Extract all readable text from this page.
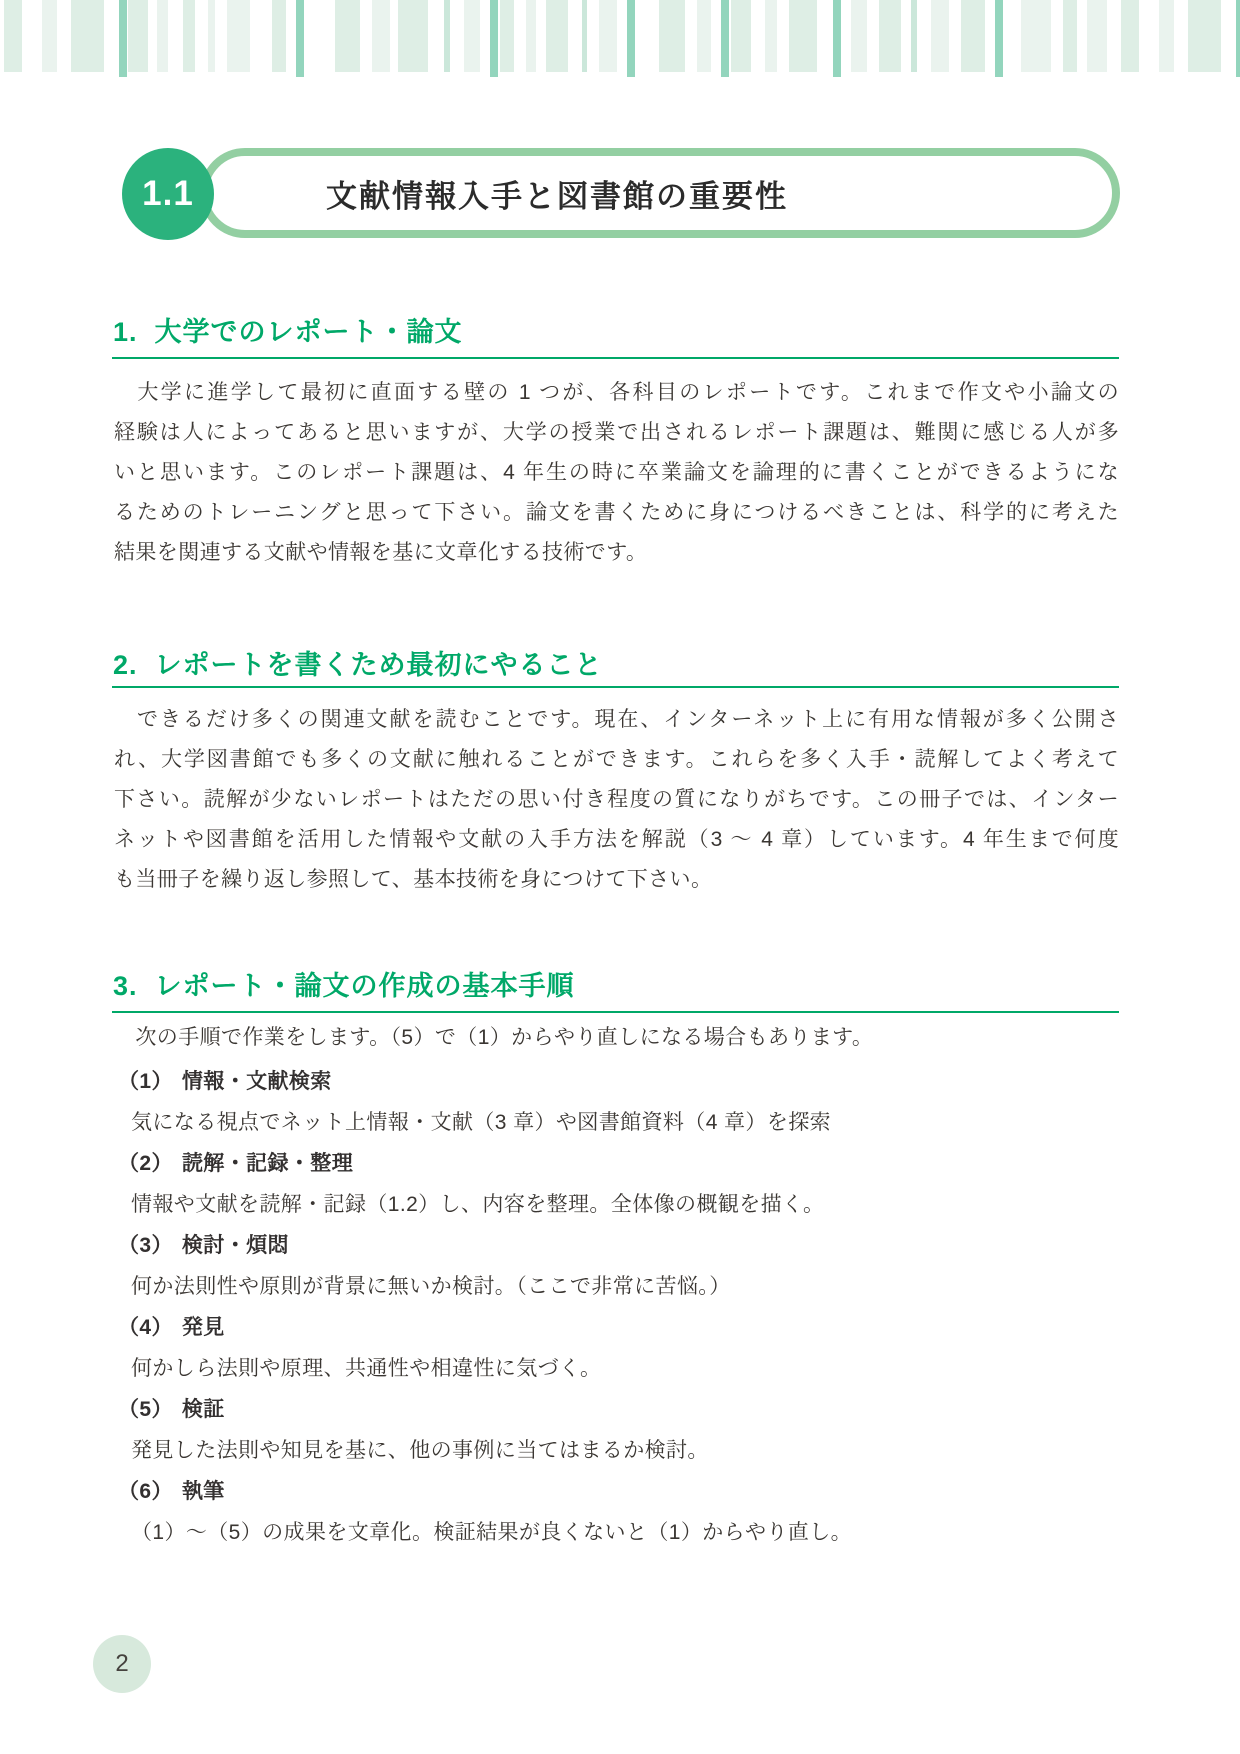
文献情報入手と図書館の重要性
1.1
1. 大学でのレポート・論文
　大学に進学して最初に直面する壁の 1 つが、各科目のレポートです。これまで作文や小論文の
経験は人によってあると思いますが、大学の授業で出されるレポート課題は、難関に感じる人が多
いと思います。このレポート課題は、4 年生の時に卒業論文を論理的に書くことができるようにな
るためのトレーニングと思って下さい。論文を書くために身につけるべきことは、科学的に考えた
結果を関連する文献や情報を基に文章化する技術です。
2. レポートを書くため最初にやること
　できるだけ多くの関連文献を読むことです。現在、インターネット上に有用な情報が多く公開さ
れ、大学図書館でも多くの文献に触れることができます。これらを多く入手・読解してよく考えて
下さい。読解が少ないレポートはただの思い付き程度の質になりがちです。この冊子では、インター
ネットや図書館を活用した情報や文献の入手方法を解説（3 ～ 4 章）しています。4 年生まで何度
も当冊子を繰り返し参照して、基本技術を身につけて下さい。
3. レポート・論文の作成の基本手順
　次の手順で作業をします。（5）で（1）からやり直しになる場合もあります。
（1） 情報・文献検索
気になる視点でネット上情報・文献（3 章）や図書館資料（4 章）を探索
（2） 読解・記録・整理
情報や文献を読解・記録（1.2）し、内容を整理。全体像の概観を描く。
（3） 検討・煩悶
何か法則性や原則が背景に無いか検討。（ここで非常に苦悩。）
（4） 発見
何かしら法則や原理、共通性や相違性に気づく。
（5） 検証
発見した法則や知見を基に、他の事例に当てはまるか検討。
（6） 執筆
（1）～（5）の成果を文章化。検証結果が良くないと（1）からやり直し。
2
